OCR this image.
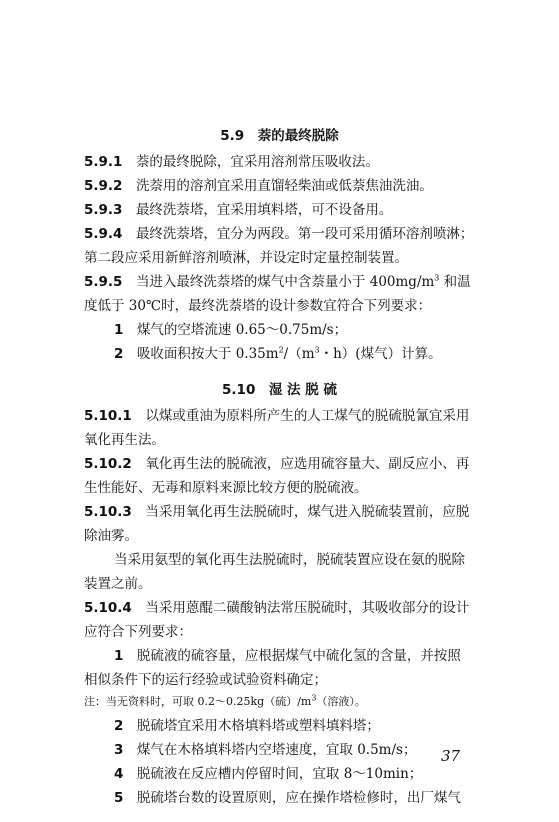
5.9　萘的最终脱除
5.9.1　 萘的最终脱除，宜采用溶剂常压吸收法。
5.9.2　 洗萘用的溶剂宜采用直馏轻柴油或低萘焦油洗油。
5.9.3　 最终洗萘塔，宜采用填料塔，可不设备用。
5.9.4　 最终洗萘塔，宜分为两段。第一段可采用循环溶剂喷淋；
第二段应采用新鲜溶剂喷淋，并设定时定量控制装置。
5.9.5　 当进入最终洗萘塔的煤气中含萘量小于 $400mg/m^3$ 和温
度低于 30℃时，最终洗萘塔的设计参数宜符合下列要求：
1　 煤气的空塔流速 0.65～0.75m/s；
2　 吸收面积按大于 $0.35m^2/(m^3$・h）(煤气）计算。
5.10　湿 法 脱 硫
5.10.1　 以煤或重油为原料所产生的人工煤气的脱硫脱氰宜采用
氧化再生法。
5.10.2　 氧化再生法的脱硫液，应选用硫容量大、副反应小、再
生性能好、无毒和原料来源比较方便的脱硫液。
5.10.3　 当采用氧化再生法脱硫时，煤气进入脱硫装置前，应脱
除油雾。
当采用氨型的氧化再生法脱硫时，脱硫装置应设在氨的脱除
装置之前。
5.10.4　 当采用蒽醌二磺酸钠法常压脱硫时，其吸收部分的设计
应符合下列要求：
1　 脱硫液的硫容量，应根据煤气中硫化氢的含量，并按照
相似条件下的运行经验或试验资料确定；
注：当无资料时，可取 0.2～0.25kg（硫）$/m^3$（溶液）。
2　 脱硫塔宜采用木格填料塔或塑料填料塔；
3　 煤气在木格填料塔内空塔速度，宜取 0.5m/s；
4　 脱硫液在反应槽内停留时间，宜取 8～10min；
5　 脱硫塔台数的设置原则，应在操作塔检修时，出厂煤气
37
